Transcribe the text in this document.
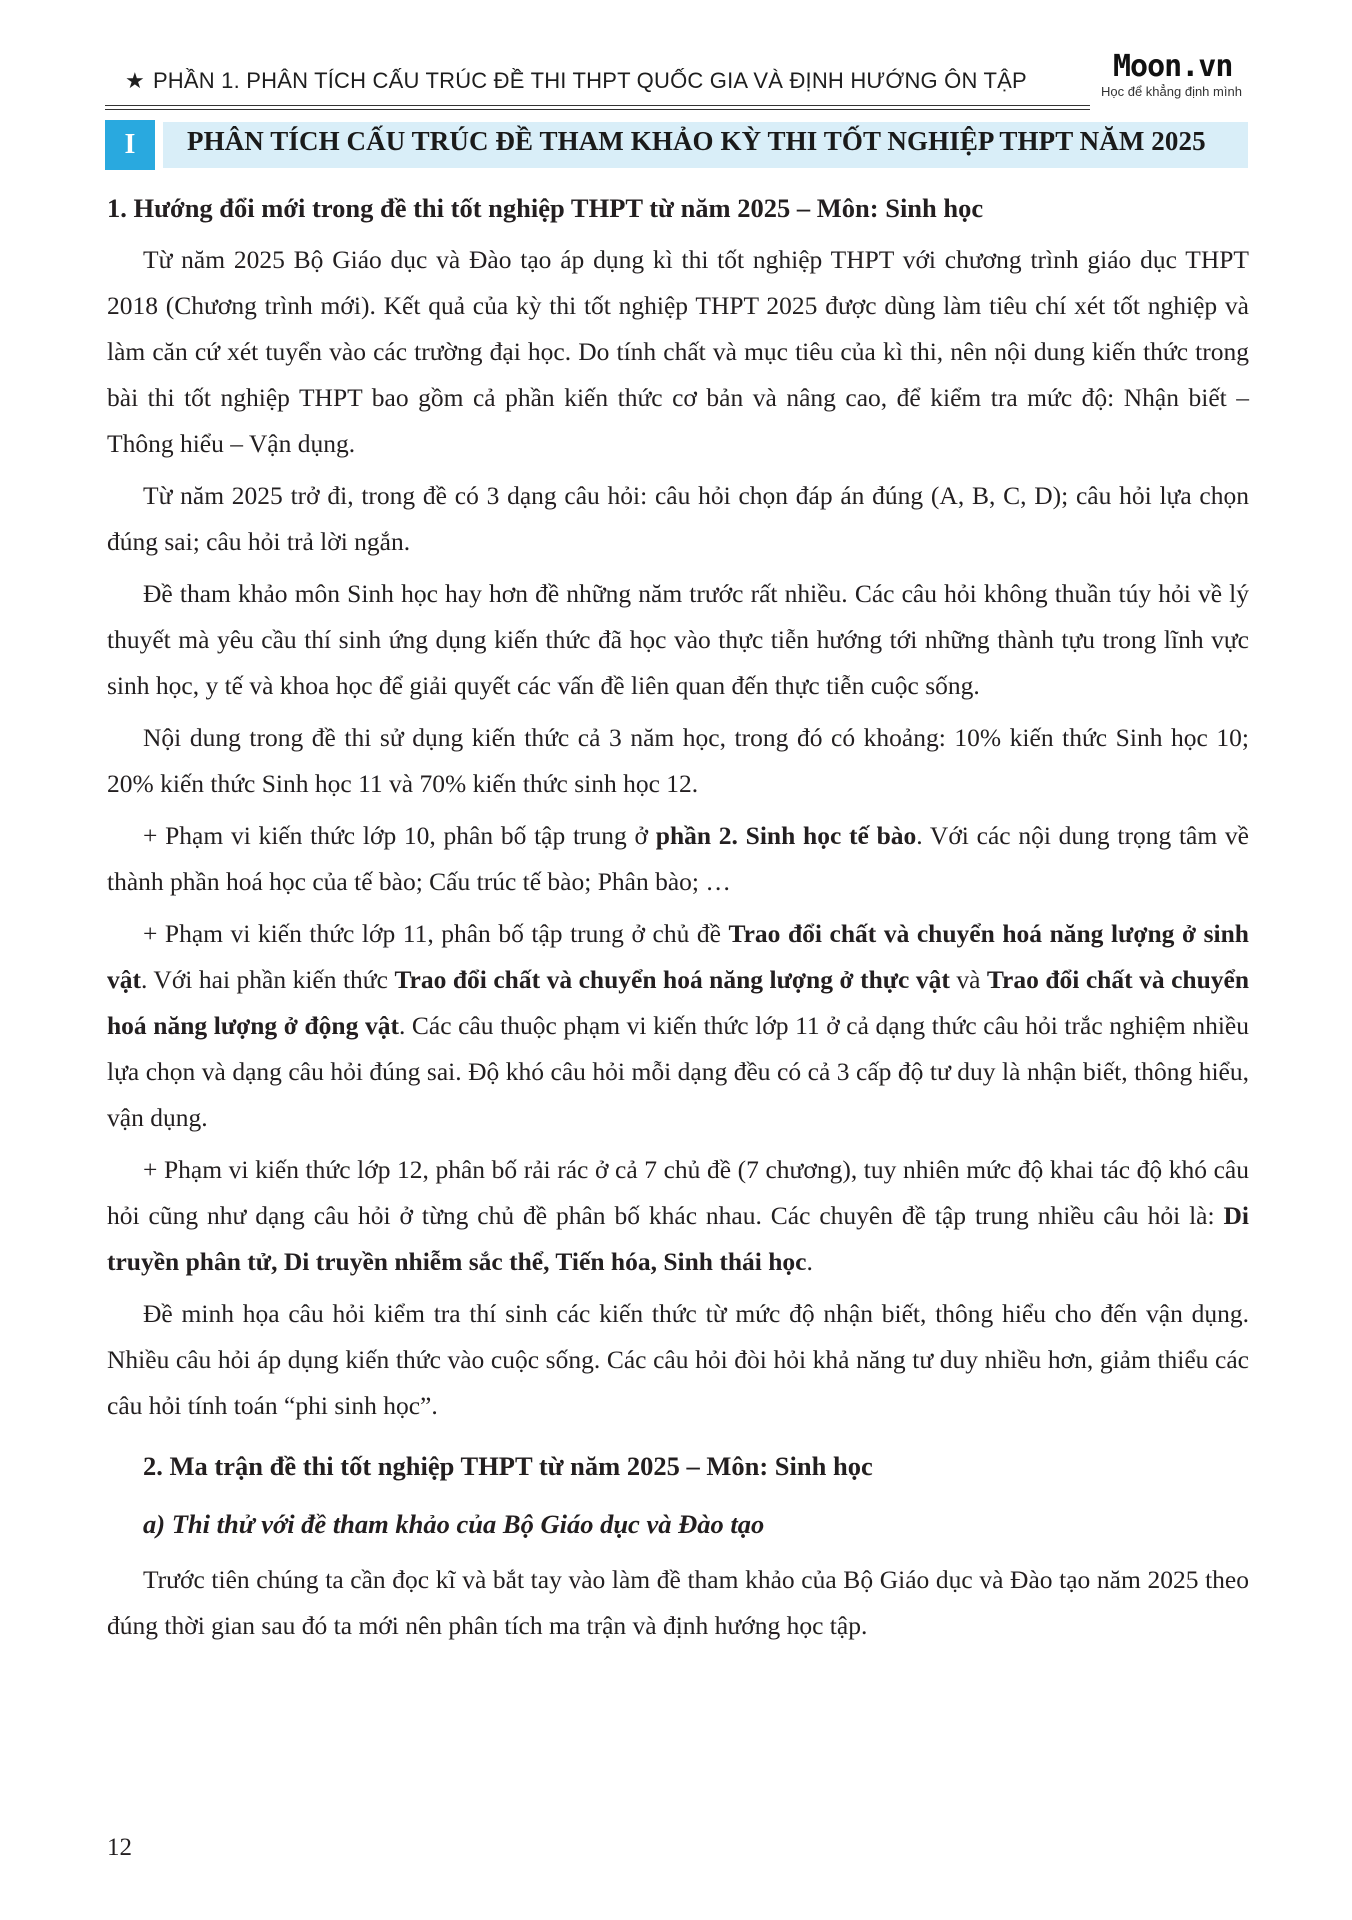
★ PHẦN 1. PHÂN TÍCH CẤU TRÚC ĐỀ THI THPT QUỐC GIA VÀ ĐỊNH HƯỚNG ÔN TẬP	Moon.vn
Học để khẳng định mình
I	PHÂN TÍCH CẤU TRÚC ĐỀ THAM KHẢO KỲ THI TỐT NGHIỆP THPT NĂM 2025

1. Hướng đổi mới trong đề thi tốt nghiệp THPT từ năm 2025 – Môn: Sinh học

Từ năm 2025 Bộ Giáo dục và Đào tạo áp dụng kì thi tốt nghiệp THPT với chương trình giáo dục THPT 2018 (Chương trình mới). Kết quả của kỳ thi tốt nghiệp THPT 2025 được dùng làm tiêu chí xét tốt nghiệp và làm căn cứ xét tuyển vào các trường đại học. Do tính chất và mục tiêu của kì thi, nên nội dung kiến thức trong bài thi tốt nghiệp THPT bao gồm cả phần kiến thức cơ bản và nâng cao, để kiểm tra mức độ: Nhận biết – Thông hiểu – Vận dụng.

Từ năm 2025 trở đi, trong đề có 3 dạng câu hỏi: câu hỏi chọn đáp án đúng (A, B, C, D); câu hỏi lựa chọn đúng sai; câu hỏi trả lời ngắn.

Đề tham khảo môn Sinh học hay hơn đề những năm trước rất nhiều. Các câu hỏi không thuần túy hỏi về lý thuyết mà yêu cầu thí sinh ứng dụng kiến thức đã học vào thực tiễn hướng tới những thành tựu trong lĩnh vực sinh học, y tế và khoa học để giải quyết các vấn đề liên quan đến thực tiễn cuộc sống.

Nội dung trong đề thi sử dụng kiến thức cả 3 năm học, trong đó có khoảng: 10% kiến thức Sinh học 10; 20% kiến thức Sinh học 11 và 70% kiến thức sinh học 12.

+ Phạm vi kiến thức lớp 10, phân bố tập trung ở phần 2. Sinh học tế bào. Với các nội dung trọng tâm về thành phần hoá học của tế bào; Cấu trúc tế bào; Phân bào; …

+ Phạm vi kiến thức lớp 11, phân bố tập trung ở chủ đề Trao đổi chất và chuyển hoá năng lượng ở sinh vật. Với hai phần kiến thức Trao đổi chất và chuyển hoá năng lượng ở thực vật và Trao đổi chất và chuyển hoá năng lượng ở động vật. Các câu thuộc phạm vi kiến thức lớp 11 ở cả dạng thức câu hỏi trắc nghiệm nhiều lựa chọn và dạng câu hỏi đúng sai. Độ khó câu hỏi mỗi dạng đều có cả 3 cấp độ tư duy là nhận biết, thông hiểu, vận dụng.

+ Phạm vi kiến thức lớp 12, phân bố rải rác ở cả 7 chủ đề (7 chương), tuy nhiên mức độ khai tác độ khó câu hỏi cũng như dạng câu hỏi ở từng chủ đề phân bố khác nhau. Các chuyên đề tập trung nhiều câu hỏi là: Di truyền phân tử, Di truyền nhiễm sắc thể, Tiến hóa, Sinh thái học.

Đề minh họa câu hỏi kiểm tra thí sinh các kiến thức từ mức độ nhận biết, thông hiểu cho đến vận dụng. Nhiều câu hỏi áp dụng kiến thức vào cuộc sống. Các câu hỏi đòi hỏi khả năng tư duy nhiều hơn, giảm thiểu các câu hỏi tính toán “phi sinh học”.

2. Ma trận đề thi tốt nghiệp THPT từ năm 2025 – Môn: Sinh học

a) Thi thử với đề tham khảo của Bộ Giáo dục và Đào tạo

Trước tiên chúng ta cần đọc kĩ và bắt tay vào làm đề tham khảo của Bộ Giáo dục và Đào tạo năm 2025 theo đúng thời gian sau đó ta mới nên phân tích ma trận và định hướng học tập.

12
